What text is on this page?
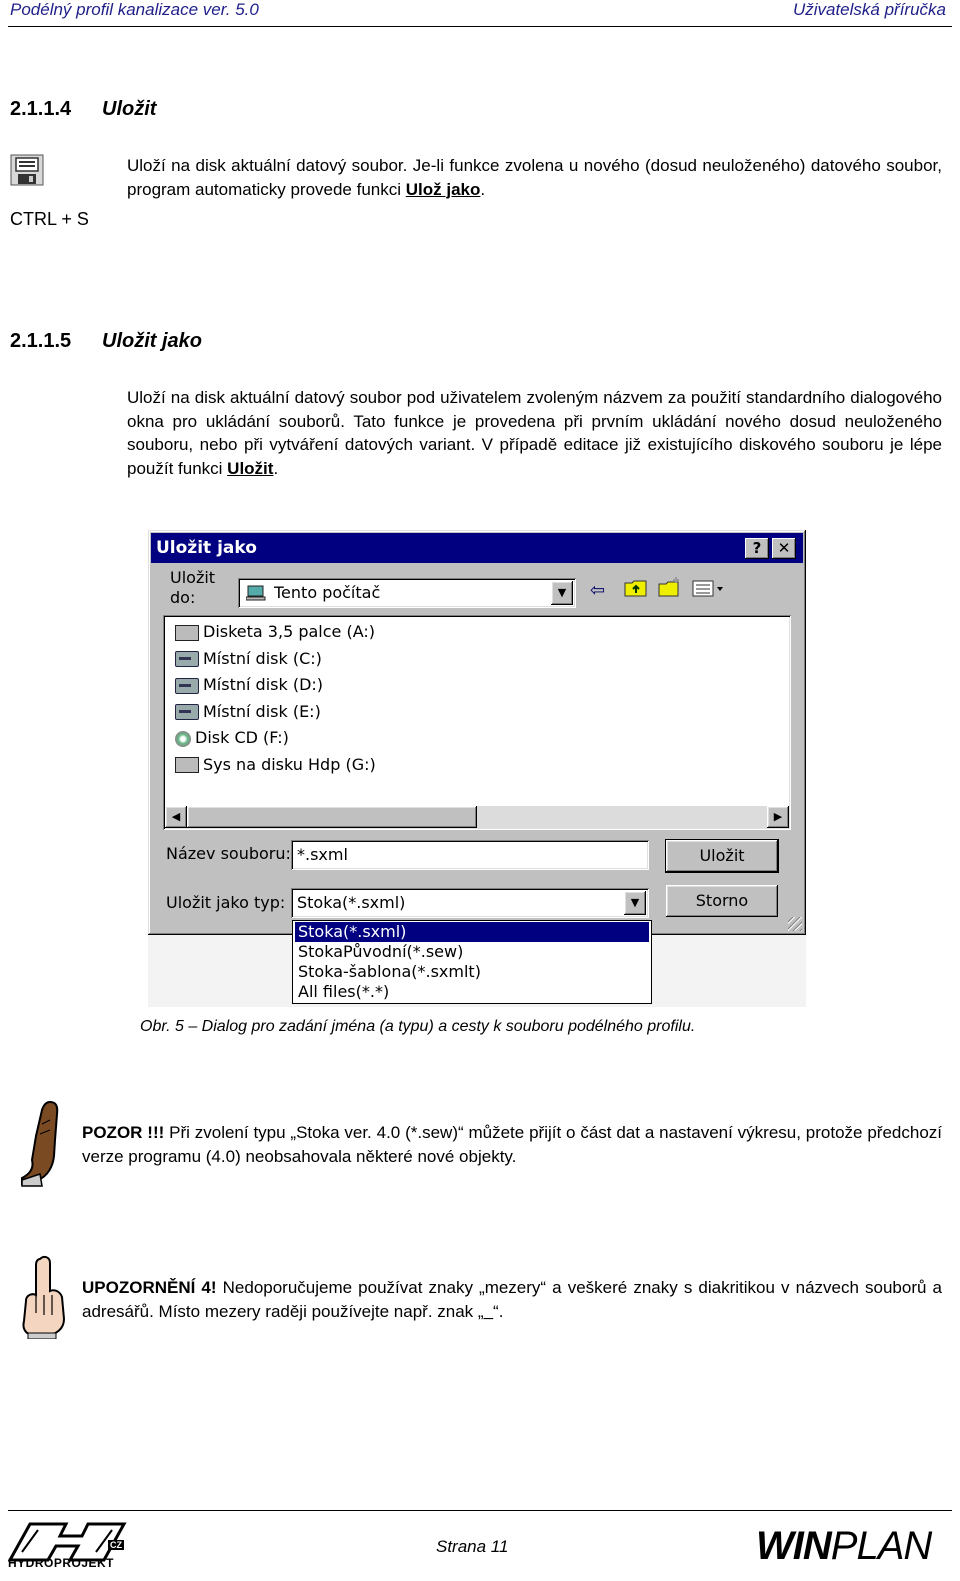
Podélný profil kanalizace ver. 5.0	Uživatelská příručka
2.1.1.4 Uložit
CTRL + S
Uloží na disk aktuální datový soubor. Je-li funkce zvolena u nového (dosud neuloženého) datového soubor, program automaticky provede funkci Ulož jako.
2.1.1.5 Uložit jako
Uloží na disk aktuální datový soubor pod uživatelem zvoleným názvem za použití standardního dialogového okna pro ukládání souborů. Tato funkce je provedena při prvním ukládání nového dosud neuloženého souboru, nebo při vytváření datových variant. V případě editace již existujícího diskového souboru je lépe použít funkci Uložit.
Uložit jako	?	✕
Uložit
do:	Tento počítač	▼	⇦
Disketa 3,5 palce (A:)
Místní disk (C:)
Místní disk (D:)
Místní disk (E:)
Disk CD (F:)
Sys na disku Hdp (G:)
◀	▶
Název souboru: *.sxml
Uložit jako typ: Stoka(*.sxml)	▼
Uložit
Storno
Stoka(*.sxml)
StokaPůvodní(*.sew)
Stoka-šablona(*.sxmlt)
All files(*.*)
Obr. 5 – Dialog pro zadání jména (a typu) a cesty k souboru podélného profilu.
POZOR !!! Při zvolení typu „Stoka ver. 4.0 (*.sew)“ můžete přijít o část dat a nastavení výkresu, protože předchozí verze programu (4.0) neobsahovala některé nové objekty.
UPOZORNĚNÍ 4! Nedoporučujeme používat znaky „mezery“ a veškeré znaky s diakritikou v názvech souborů a adresářů. Místo mezery raději používejte např. znak „_“.
CZ
HYDROPROJEKT
Strana 11	WINPLAN
